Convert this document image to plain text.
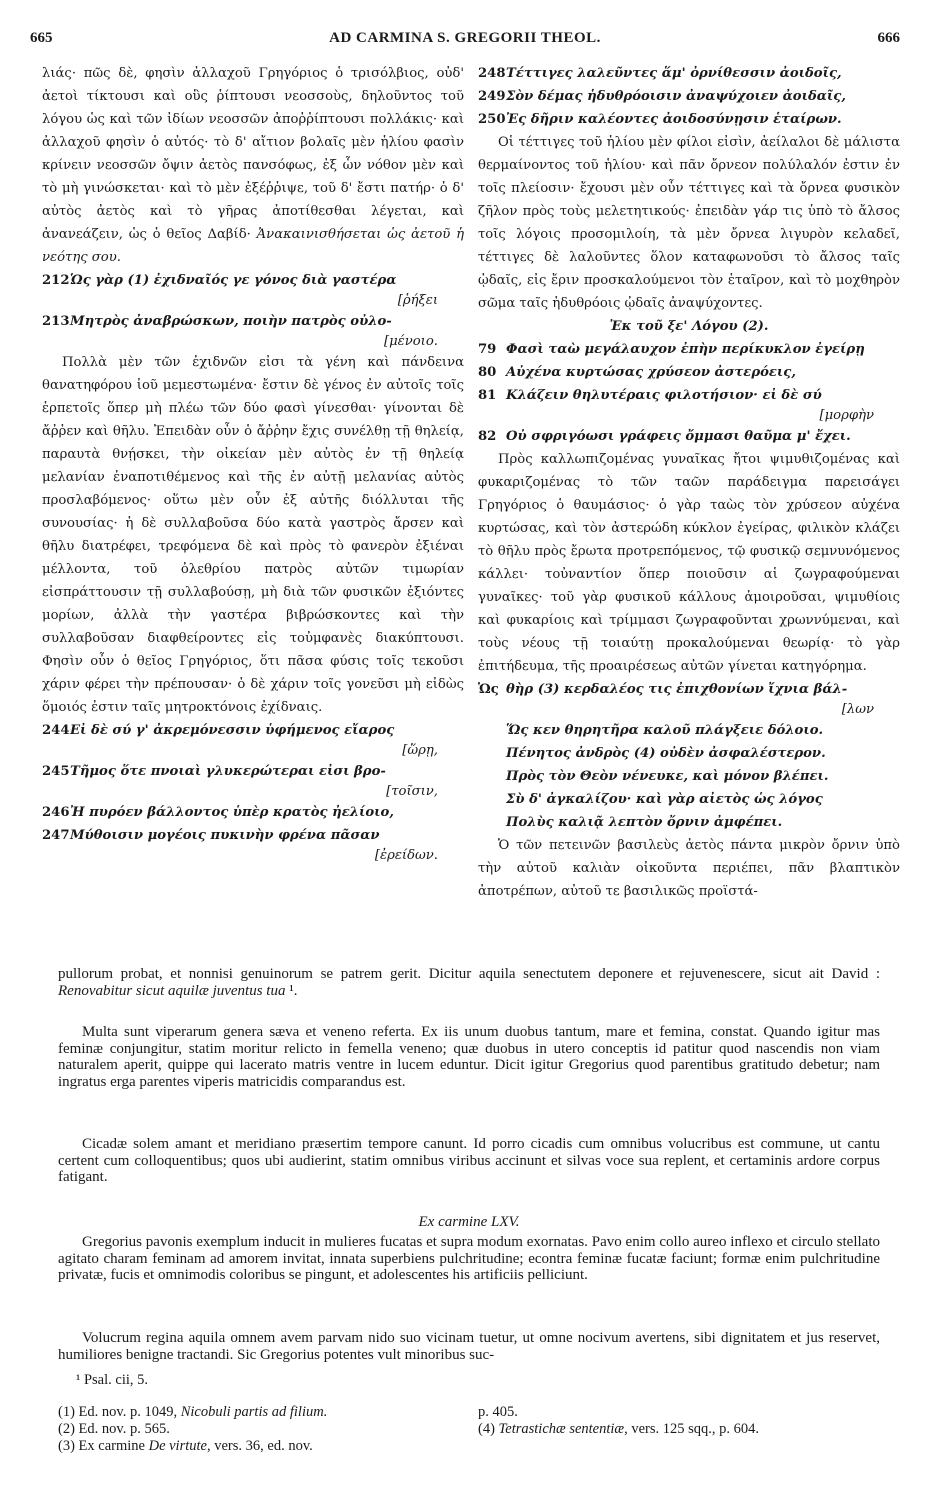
665	AD CARMINA S. GREGORII THEOL.	666

λιάς· πῶς δὲ, φησὶν ἀλλαχοῦ Γρηγόριος ὁ τρισόλβιος, οὐδ' ἀετοὶ τίκτουσι καὶ οὓς ῥίπτουσι νεοσσοὺς, δηλοῦντος τοῦ λόγου ὡς καὶ τῶν ἰδίων νεοσσῶν ἀποῤῥίπτουσι πολλάκις· καὶ ἀλλαχοῦ φησὶν ὁ αὐτός· τὸ δ' αἴτιον βολαῖς μὲν ἡλίου φασὶν κρίνειν νεοσσῶν ὄψιν ἀετὸς πανσόφως, ἐξ ὧν νόθον μὲν καὶ τὸ μὴ γινώσκεται· καὶ τὸ μὲν ἐξέῤῥιψε, τοῦ δ' ἔστι πατήρ· ὁ δ' αὐτὸς ἀετὸς καὶ τὸ γῆρας ἀποτίθεσθαι λέγεται, καὶ ἀνανεάζειν, ὡς ὁ θεῖος Δαβίδ· Ἀνακαινισθήσεται ὡς ἀετοῦ ἡ νεότης σου.

212 Ὡς γὰρ (1) ἐχιδναῖός γε γόνος διὰ γαστέρα
[ῥήξει
213 Μητρὸς ἀναβρώσκων, ποιὴν πατρὸς οὐλο-
[μένοιο.

Πολλὰ μὲν τῶν ἐχιδνῶν εἰσι τὰ γένη καὶ πάνδεινα θανατηφόρου ἰοῦ μεμεστωμένα· ἔστιν δὲ γένος ἐν αὐτοῖς τοῖς ἑρπετοῖς ὅπερ μὴ πλέω τῶν δύο φασὶ γίνεσθαι· γίνονται δὲ ἄῤῥεν καὶ θῆλυ. Ἐπειδὰν οὖν ὁ ἄῤῥην ἔχις συνέλθῃ τῇ θηλείᾳ, παραυτὰ θνῄσκει, τὴν οἰκείαν μὲν αὐτὸς ἐν τῇ θηλείᾳ μελανίαν ἐναποτιθέμενος καὶ τῆς ἐν αὐτῇ μελανίας αὐτὸς προσλαβόμενος· οὕτω μὲν οὖν ἐξ αὐτῆς διόλλυται τῆς συνουσίας· ἡ δὲ συλλαβοῦσα δύο κατὰ γαστρὸς ἄρσεν καὶ θῆλυ διατρέφει, τρεφόμενα δὲ καὶ πρὸς τὸ φανερὸν ἐξιέναι μέλλοντα, τοῦ ὀλεθρίου πατρὸς αὐτῶν τιμωρίαν εἰσπράττουσιν τῇ συλλαβούσῃ, μὴ διὰ τῶν φυσικῶν ἐξιόντες μορίων, ἀλλὰ τὴν γαστέρα βιβρώσκοντες καὶ τὴν συλλαβοῦσαν διαφθείροντες εἰς τοὐμφανὲς διακύπτουσι. Φησὶν οὖν ὁ θεῖος Γρηγόριος, ὅτι πᾶσα φύσις τοῖς τεκοῦσι χάριν φέρει τὴν πρέπουσαν· ὁ δὲ χάριν τοῖς γονεῦσι μὴ εἰδὼς ὅμοιός ἐστιν ταῖς μητροκτόνοις ἐχίδναις.

244 Εἰ δὲ σύ γ' ἀκρεμόνεσσιν ὑφήμενος εἴαρος
[ὥρῃ,
245 Τῆμος ὅτε πνοιαὶ γλυκερώτεραι εἰσι βρο-
[τοῖσιν,
246 Ἠ πυρόεν βάλλοντος ὑπὲρ κρατὸς ἠελίοιο,
247 Μύθοισιν μογέοις πυκινὴν φρένα πᾶσαν
[ἐρείδων.
248 Τέττιγες λαλεῦντες ἅμ' ὀρνίθεσσιν ἀοιδοῖς,
249 Σὸν δέμας ἡδυθρόοισιν ἀναψύχοιεν ἀοιδαῖς,
250 Ἐς δῆριν καλέοντες ἀοιδοσύνῃσιν ἑταίρων.

Οἱ τέττιγες τοῦ ἡλίου μὲν φίλοι εἰσὶν, ἀείλαλοι δὲ μάλιστα θερμαίνοντος τοῦ ἡλίου· καὶ πᾶν ὄρνεον πολύλαλόν ἐστιν ἐν τοῖς πλείοσιν· ἔχουσι μὲν οὖν τέττιγες καὶ τὰ ὄρνεα φυσικὸν ζῆλον πρὸς τοὺς μελετητικούς· ἐπειδὰν γάρ τις ὑπὸ τὸ ἄλσος τοῖς λόγοις προσομιλοίη, τὰ μὲν ὄρνεα λιγυρὸν κελαδεῖ, τέττιγες δὲ λαλοῦντες ὅλον καταφωνοῦσι τὸ ἄλσος ταῖς ᾠδαῖς, εἰς ἔριν προσκαλούμενοι τὸν ἑταῖρον, καὶ τὸ μοχθηρὸν σῶμα ταῖς ἡδυθρόοις ᾠδαῖς ἀναψύχοντες.

Ἐκ τοῦ ξε' Λόγου (2).
79 Φασὶ ταὼ μεγάλαυχον ἐπὴν περίκυκλον ἐγείρῃ
80 Αὐχένα κυρτώσας χρύσεον ἀστερόεις,
81 Κλάζειν θηλυτέραις φιλοτήσιον· εἰ δὲ σύ
[μορφὴν
82 Οὐ σφριγόωσι γράφεις ὄμμασι θαῦμα μ' ἔχει.

Πρὸς καλλωπιζομένας γυναῖκας ἤτοι ψιμυθιζομένας καὶ φυκαριζομένας τὸ τῶν ταῶν παράδειγμα παρεισάγει Γρηγόριος ὁ θαυμάσιος· ὁ γὰρ ταὼς τὸν χρύσεον αὐχένα κυρτώσας, καὶ τὸν ἀστερώδη κύκλον ἐγείρας, φιλικὸν κλάζει τὸ θῆλυ πρὸς ἔρωτα προτρεπόμενος, τῷ φυσικῷ σεμνυνόμενος κάλλει· τοὐναντίον ὅπερ ποιοῦσιν αἱ ζωγραφούμεναι γυναῖκες· τοῦ γὰρ φυσικοῦ κάλλους ἀμοιροῦσαι, ψιμυθίοις καὶ φυκαρίοις καὶ τρίμμασι ζωγραφοῦνται χρωννύμεναι, καὶ τοὺς νέους τῇ τοιαύτῃ προκαλούμεναι θεωρίᾳ· τὸ γὰρ ἐπιτήδευμα, τῆς προαιρέσεως αὐτῶν γίνεται κατηγόρημα.

Ὡς θὴρ (3) κερδαλέος τις ἐπιχθονίων ἴχνια βάλ-
[λων
Ὥς κεν θηρητῆρα καλοῦ πλάγξειε δόλοιο.
Πένητος ἀνδρὸς (4) οὐδὲν ἀσφαλέστερον.
Πρὸς τὸν Θεὸν νένευκε, καὶ μόνον βλέπει.
Σὺ δ' ἀγκαλίζου· καὶ γὰρ αἰετὸς ὡς λόγος
Πολὺς καλιᾷ λεπτὸν ὄρνιν ἀμφέπει.

Ὁ τῶν πετεινῶν βασιλεὺς ἀετὸς πάντα μικρὸν ὄρνιν ὑπὸ τὴν αὐτοῦ καλιὰν οἰκοῦντα περιέπει, πᾶν βλαπτικὸν ἀποτρέπων, αὐτοῦ τε βασιλικῶς προϊστά-

pullorum probat, et nonnisi genuinorum se patrem gerit. Dicitur aquila senectutem deponere et rejuvenescere, sicut ait David : Renovabitur sicut aquilæ juventus tua ¹.

Multa sunt viperarum genera sæva et veneno referta. Ex iis unum duobus tantum, mare et femina, constat. Quando igitur mas feminæ conjungitur, statim moritur relicto in femella veneno; quæ duobus in utero conceptis id patitur quod nascendis non viam naturalem aperit, quippe qui lacerato matris ventre in lucem eduntur. Dicit igitur Gregorius quod parentibus gratitudo debetur; nam ingratus erga parentes viperis matricidis comparandus est.

Cicadæ solem amant et meridiano præsertim tempore canunt. Id porro cicadis cum omnibus volucribus est commune, ut cantu certent cum colloquentibus; quos ubi audierint, statim omnibus viribus accinunt et silvas voce sua replent, et certaminis ardore corpus fatigant.

Ex carmine LXV.

Gregorius pavonis exemplum inducit in mulieres fucatas et supra modum exornatas. Pavo enim collo aureo inflexo et circulo stellato agitato charam feminam ad amorem invitat, innata superbiens pulchritudine; econtra feminæ fucatæ faciunt; formæ enim pulchritudine privatæ, fucis et omnimodis coloribus se pingunt, et adolescentes his artificiis pelliciunt.

Volucrum regina aquila omnem avem parvam nido suo vicinam tuetur, ut omne nocivum avertens, sibi dignitatem et jus reservet, humiliores benigne tractandi. Sic Gregorius potentes vult minoribus suc-

¹ Psal. cii, 5.
(1) Ed. nov. p. 1049, Nicobuli partis ad filium.
(2) Ed. nov. p. 565.
(3) Ex carmine De virtute, vers. 36, ed. nov.
p. 405.
(4) Tetrastichæ sententiæ, vers. 125 sqq., p. 604.
